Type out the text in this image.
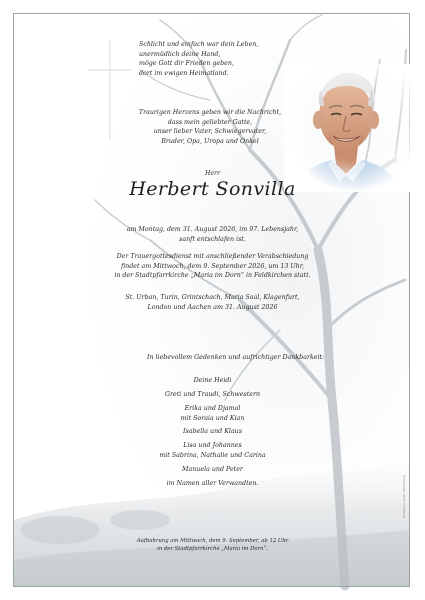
Schlicht und einfach war dein Leben,
unermüdlich deine Hand,
möge Gott dir Frieden geben,
dort im ewigen Heimatland.
Traurigen Herzens geben wir die Nachricht,
dass mein geliebter Gatte,
unser lieber Vater, Schwiegervater,
Bruder, Opa, Uropa und Onkel
Herr
Herbert Sonvilla
am Montag, dem 31. August 2026, im 97. Lebensjahr,
sanft entschlafen ist.
Der Trauergottesdienst mit anschließender Verabschiedung
findet am Mittwoch, dem 9. September 2026, um 13 Uhr,
in der Stadtpfarrkirche „Maria im Dorn“ in Feldkirchen statt.
St. Urban, Turin, Grintschach, Maria Saal, Klagenfurt,
London und Aachen am 31. August 2026
In liebevollem Gedenken und aufrichtiger Dankbarkeit:
Deine Heidi
Greti und Traudi, Schwestern
Erika und Djamal
mit Soraia und Kian
Isabella und Klaus
Lisa und Johannes
mit Sabrina, Nathalie und Carina
Manuela und Peter
im Namen aller Verwandten.
Aufbahrung am Mittwoch, dem 9. September, ab 12 Uhr
in der Stadtpfarrkirche „Maria im Dorn“.
Auflösung durch: Bestattung
